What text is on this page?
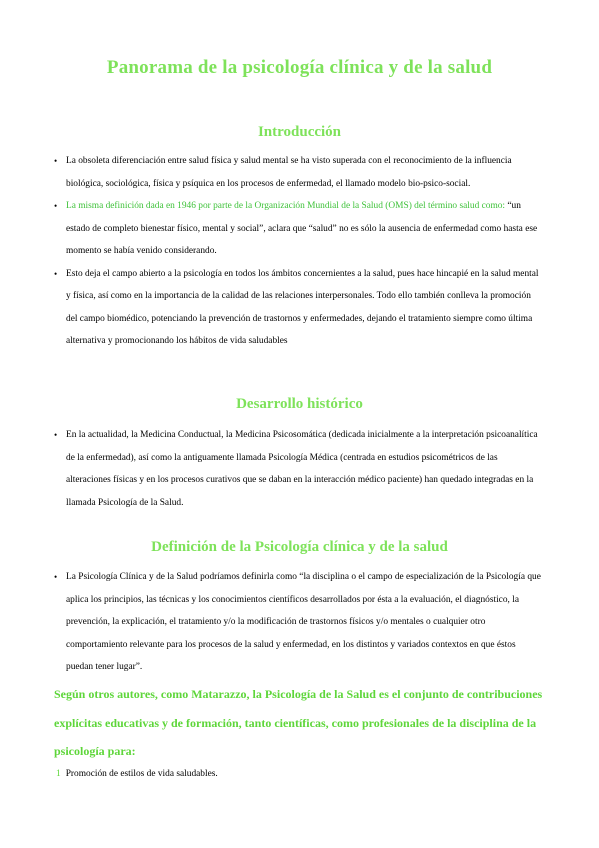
Panorama de la psicología clínica y de la salud
Introducción
• La obsoleta diferenciación entre salud física y salud mental se ha visto superada con el reconocimiento de la influencia biológica, sociológica, física y psíquica en los procesos de enfermedad, el llamado modelo bio-psico-social.
• La misma definición dada en 1946 por parte de la Organización Mundial de la Salud (OMS) del término salud como: “un estado de completo bienestar físico, mental y social”, aclara que “salud” no es sólo la ausencia de enfermedad como hasta ese momento se había venido considerando.
• Esto deja el campo abierto a la psicología en todos los ámbitos concernientes a la salud, pues hace hincapié en la salud mental y física, así como en la importancia de la calidad de las relaciones interpersonales. Todo ello también conlleva la promoción del campo biomédico, potenciando la prevención de trastornos y enfermedades, dejando el tratamiento siempre como última alternativa y promocionando los hábitos de vida saludables
Desarrollo histórico
• En la actualidad, la Medicina Conductual, la Medicina Psicosomática (dedicada inicialmente a la interpretación psicoanalítica de la enfermedad), así como la antiguamente llamada Psicología Médica (centrada en estudios psicométricos de las alteraciones físicas y en los procesos curativos que se daban en la interacción médico paciente) han quedado integradas en la llamada Psicología de la Salud.
Definición de la Psicología clínica y de la salud
• La Psicología Clínica y de la Salud podríamos definirla como “la disciplina o el campo de especialización de la Psicología que aplica los principios, las técnicas y los conocimientos científicos desarrollados por ésta a la evaluación, el diagnóstico, la prevención, la explicación, el tratamiento y/o la modificación de trastornos físicos y/o mentales o cualquier otro comportamiento relevante para los procesos de la salud y enfermedad, en los distintos y variados contextos en que éstos puedan tener lugar”.
Según otros autores, como Matarazzo, la Psicología de la Salud es el conjunto de contribuciones explícitas educativas y de formación, tanto científicas, como profesionales de la disciplina de la psicología para:
1 Promoción de estilos de vida saludables.
